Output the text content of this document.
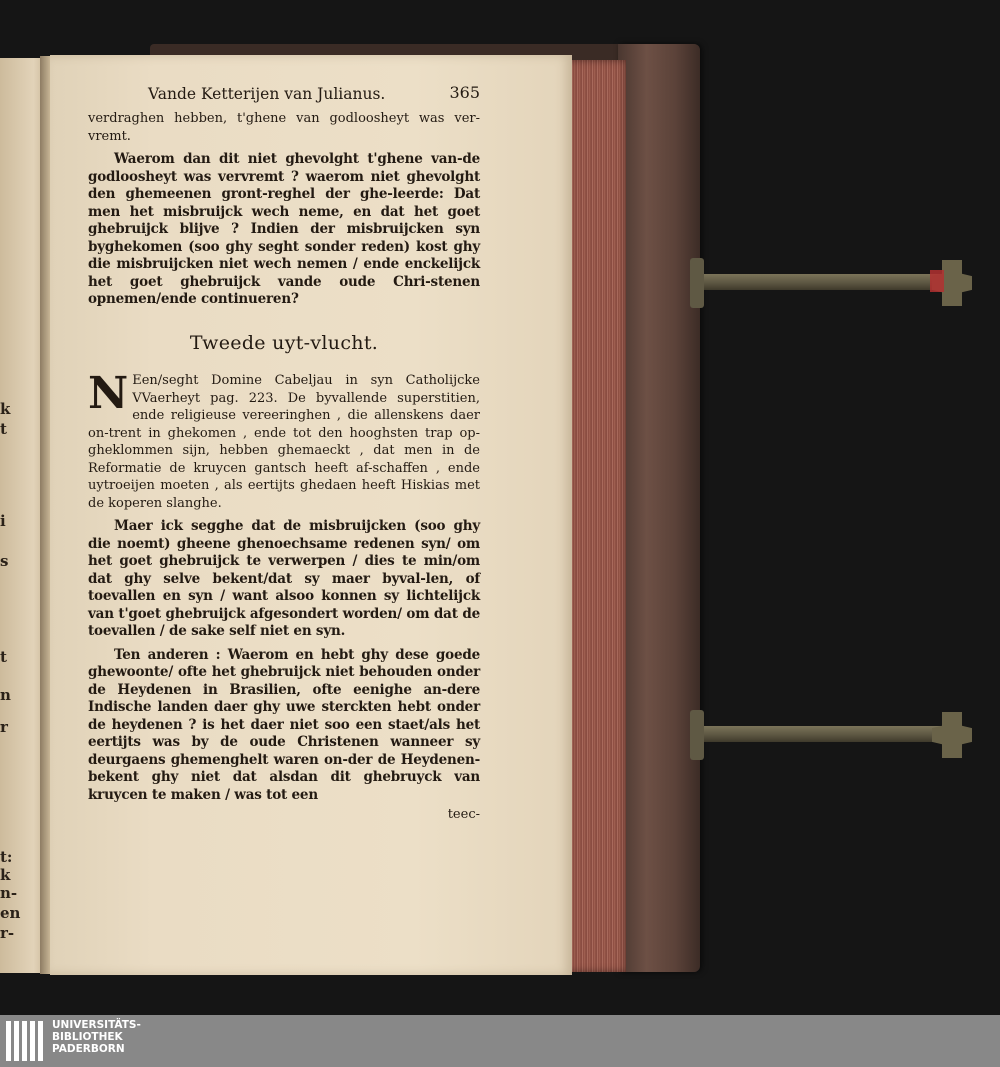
k
t
i
s
t
n
r
t:
k
n-
en
r-
Vande Ketterijen van Julianus.	365

verdraghen hebben, t'ghene van godloosheyt was ver-vremt.

Waerom dan dit niet ghevolght t'ghene van-de godloosheyt was vervremt ? waerom niet ghevolght den ghemeenen gront-reghel der ghe-leerde: Dat men het misbruijck wech neme, en dat het goet ghebruijck blijve ? Indien der misbruijcken syn byghekomen (soo ghy seght sonder reden) kost ghy die misbruijcken niet wech nemen / ende enckelijck het goet ghebruijck vande oude Chri-stenen opnemen/ende continueren?

Tweede uyt-vlucht.
N Een/seght Domine Cabeljau in syn Catholijcke VVaerheyt pag. 223. De byvallende superstitien, ende religieuse vereeringhen , die allenskens daer on-trent in ghekomen , ende tot den hooghsten trap op-gheklommen sijn, hebben ghemaeckt , dat men in de Reformatie de kruycen gantsch heeft af-schaffen , ende uytroeijen moeten , als eertijts ghedaen heeft Hiskias met de koperen slanghe.

Maer ick segghe dat de misbruijcken (soo ghy die noemt) gheene ghenoechsame redenen syn/ om het goet ghebruijck te verwerpen / dies te min/om dat ghy selve bekent/dat sy maer byval-len, of toevallen en syn / want alsoo konnen sy lichtelijck van t'goet ghebruijck afgesondert worden/ om dat de toevallen / de sake self niet en syn.

Ten anderen : Waerom en hebt ghy dese goede ghewoonte/ ofte het ghebruijck niet behouden onder de Heydenen in Brasilien, ofte eenighe an-dere Indische landen daer ghy uwe sterckten hebt onder de heydenen ? is het daer niet soo een staet/als het eertijts was by de oude Christenen wanneer sy deurgaens ghemenghelt waren on-der de Heydenen-bekent ghy niet dat alsdan dit ghebruyck van kruycen te maken / was tot een

teec-
UNIVERSITÄTS-
BIBLIOTHEK
PADERBORN
